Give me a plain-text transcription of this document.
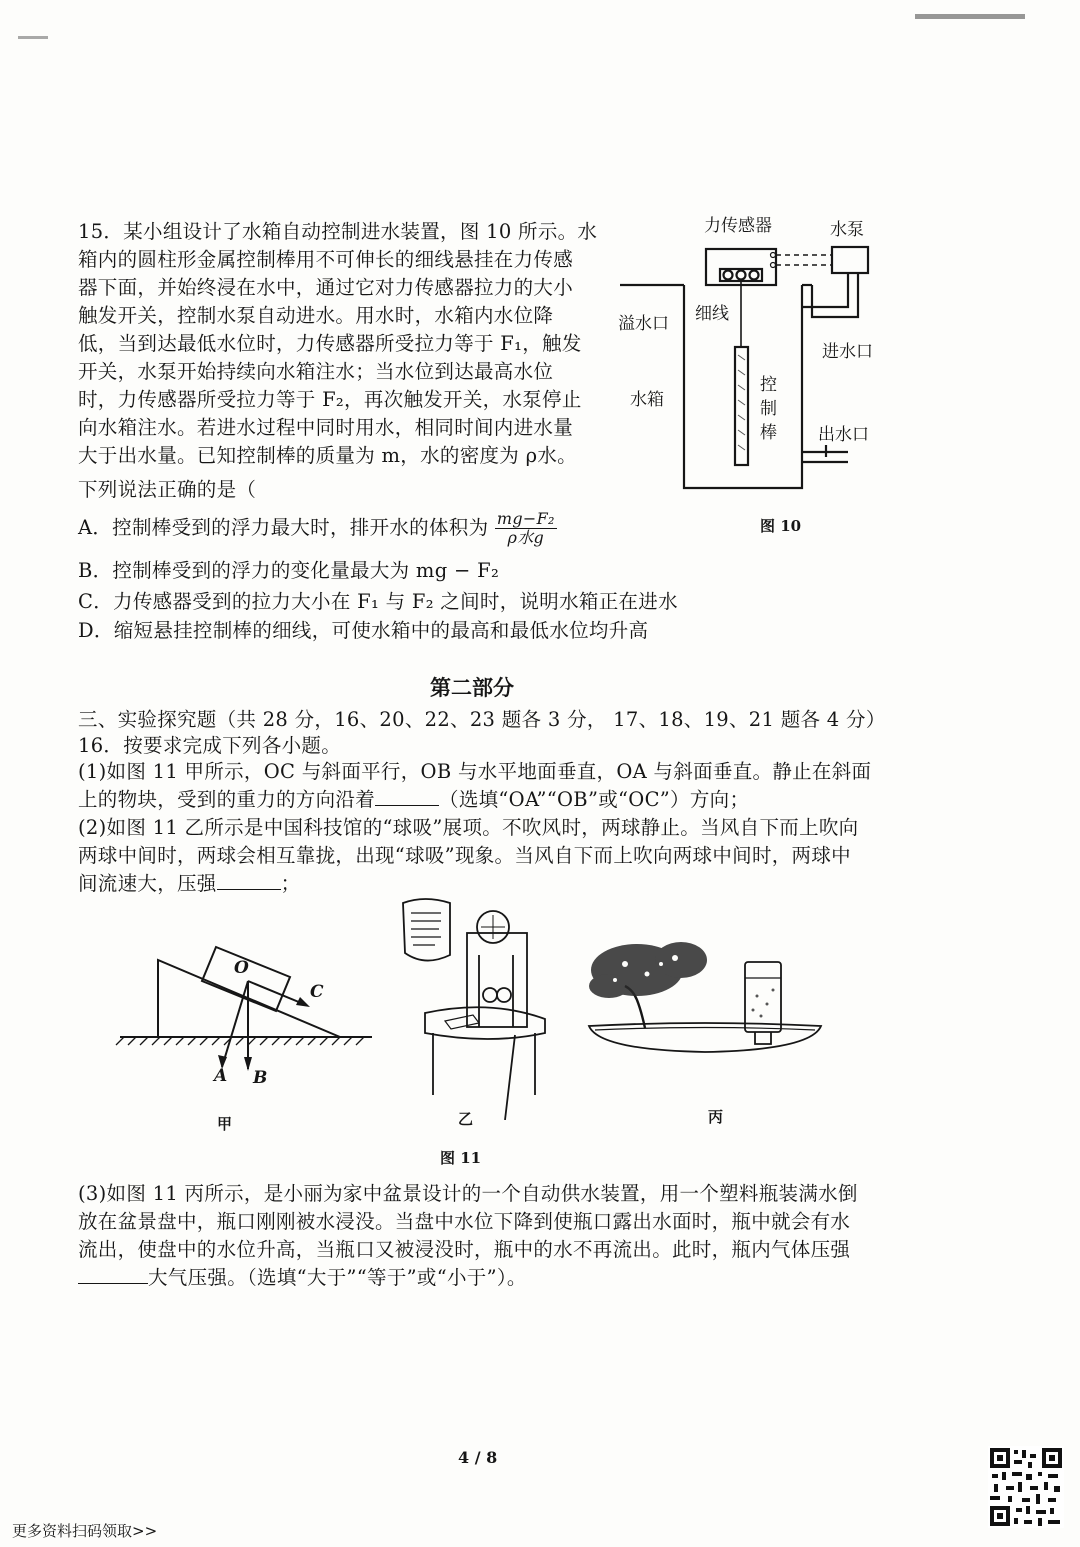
15．某小组设计了水箱自动控制进水装置，图 10 所示。水
箱内的圆柱形金属控制棒用不可伸长的细线悬挂在力传感
器下面，并始终浸在水中，通过它对力传感器拉力的大小
触发开关，控制水泵自动进水。用水时，水箱内水位降
低，当到达最低水位时，力传感器所受拉力等于 F₁，触发
开关，水泵开始持续向水箱注水；当水位到达最高水位
时，力传感器所受拉力等于 F₂，再次触发开关，水泵停止
向水箱注水。若进水过程中同时用水，相同时间内进水量
大于出水量。已知控制棒的质量为 m，水的密度为 ρ水。
下列说法正确的是（
A．控制棒受到的浮力最大时，排开水的体积为 $\frac{\text{mg−F₂}}{\text{ρ水g}}$
B．控制棒受到的浮力的变化量最大为 mg − F₂
C．力传感器受到的拉力大小在 F₁ 与 F₂ 之间时，说明水箱正在进水
D．缩短悬挂控制棒的细线，可使水箱中的最高和最低水位均升高
力传感器	水泵
溢水口 细线
进水口
水箱
控
制
棒 出水口
图 10
第二部分
三、实验探究题（共 28 分，16、20、22、23 题各 3 分， 17、18、19、21 题各 4 分）
16．按要求完成下列各小题。
(1)如图 11 甲所示，OC 与斜面平行，OB 与水平地面垂直，OA 与斜面垂直。静止在斜面
上的物块，受到的重力的方向沿着	（选填“OA”“OB”或“OC”）方向；
(2)如图 11 乙所示是中国科技馆的“球吸”展项。不吹风时，两球静止。当风自下而上吹向
两球中间时，两球会相互靠拢，出现“球吸”现象。当风自下而上吹向两球中间时，两球中
间流速大，压强	；
O
C
A B
甲	乙	丙
图 11
(3)如图 11 丙所示，是小丽为家中盆景设计的一个自动供水装置，用一个塑料瓶装满水倒
放在盆景盘中，瓶口刚刚被水浸没。当盘中水位下降到使瓶口露出水面时，瓶中就会有水
流出，使盘中的水位升高，当瓶口又被浸没时，瓶中的水不再流出。此时，瓶内气体压强
大气压强。（选填“大于”“等于”或“小于”）。
4 / 8
更多资料扫码领取>>
